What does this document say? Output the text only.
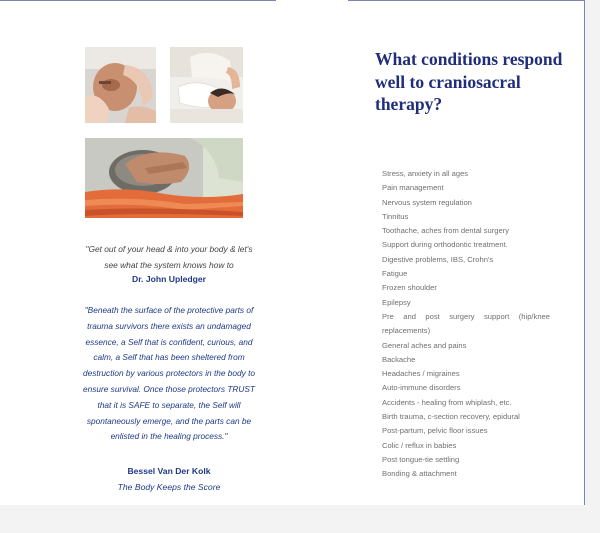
"Get out of your head & into your body & let's see what the system knows how to
Dr. John Upledger
"Beneath the surface of the protective parts of trauma survivors there exists an undamaged essence, a Self that is confident, curious, and calm, a Self that has been sheltered from destruction by various protectors in the body to ensure survival. Once those protectors TRUST that it is SAFE to separate, the Self will spontaneously emerge, and the parts can be enlisted in the healing process."
Bessel Van Der Kolk
The Body Keeps the Score
What conditions respond well to craniosacral therapy?
Stress, anxiety in all ages
Pain management
Nervous system regulation
Tinnitus
Toothache, aches from dental surgery
Support during orthodontic treatment.
Digestive problems, IBS, Crohn's
Fatigue
Frozen shoulder
Epilepsy
Pre and post surgery support (hip/knee replacements)
General aches and pains
Backache
Headaches / migraines
Auto-immune disorders
Accidents - healing from whiplash, etc.
Birth trauma, c-section recovery, epidural
Post-partum, pelvic floor issues
Colic / reflux in babies
Post tongue-tie settling
Bonding & attachment
